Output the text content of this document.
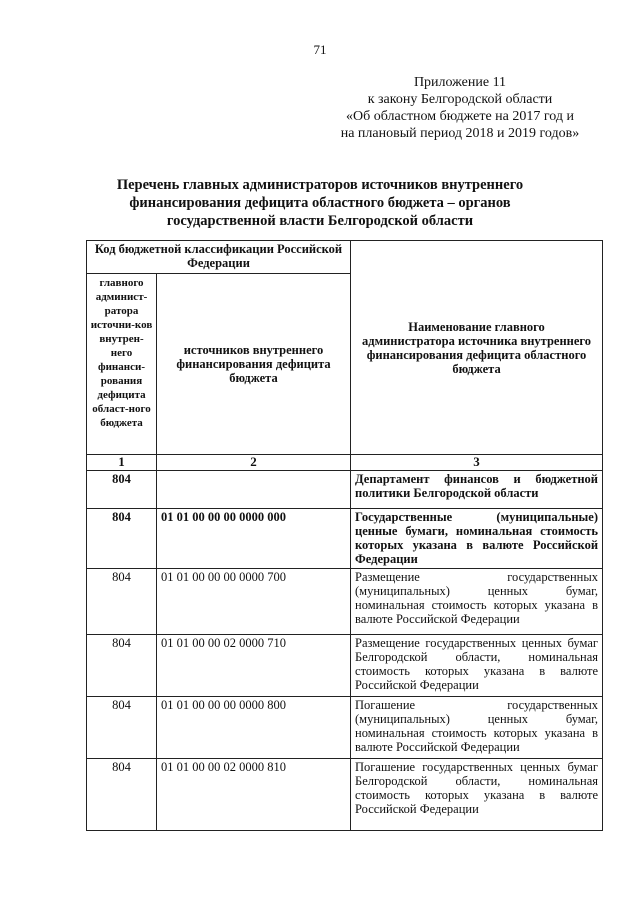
71
Приложение 11
к закону Белгородской области
«Об областном бюджете на 2017 год и
на плановый период 2018 и 2019 годов»
Перечень главных администраторов источников внутреннего
финансирования дефицита областного бюджета – органов
государственной власти Белгородской области
Код бюджетной классификации Российской Федерации		Наименование главного администратора источника внутреннего финансирования дефицита областного бюджета
главного админист-ратора источни-ков внутрен-него финанси-рования дефицита област-ного бюджета	источников внутреннего финансирования дефицита бюджета	
1	2	3
804		Департамент финансов и бюджетной политики Белгородской области
804	01 01 00 00 00 0000 000	Государственные (муниципальные) ценные бумаги, номинальная стоимость которых указана в валюте Российской Федерации
804	01 01 00 00 00 0000 700	Размещение государственных (муниципальных) ценных бумаг, номинальная стоимость которых указана в валюте Российской Федерации
804	01 01 00 00 02 0000 710	Размещение государственных ценных бумаг Белгородской области, номинальная стоимость которых указана в валюте Российской Федерации
804	01 01 00 00 00 0000 800	Погашение государственных (муниципальных) ценных бумаг, номинальная стоимость которых указана в валюте Российской Федерации
804	01 01 00 00 02 0000 810	Погашение государственных ценных бумаг Белгородской области, номинальная стоимость которых указана в валюте Российской Федерации
